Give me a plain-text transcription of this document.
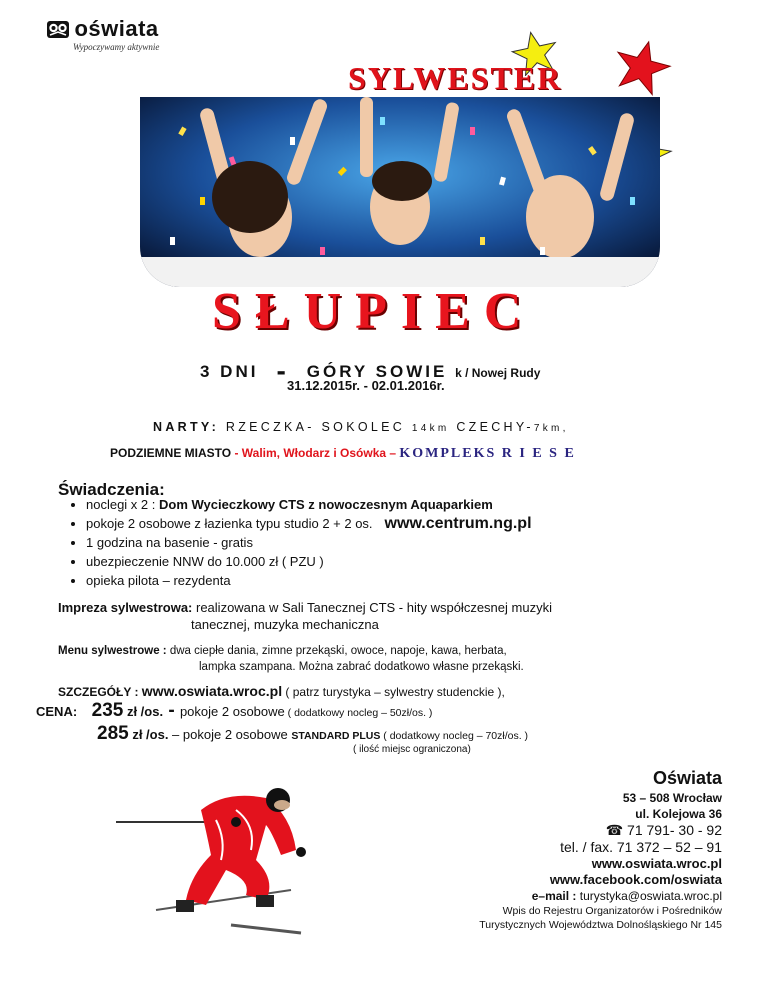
oświata
Wypoczywamy aktywnie
SYLWESTER
SŁUPIEC
3 DNI - GÓRY SOWIE k / Nowej Rudy
31.12.2015r. - 02.01.2016r.
NARTY: RZECZKA- SOKOLEC 14km CZECHY-7km,
PODZIEMNE MIASTO - Walim, Włodarz i Osówka – KOMPLEKS R I E S E
Świadczenia:
• noclegi x 2 : Dom Wycieczkowy CTS z nowoczesnym Aquaparkiem
• pokoje 2 osobowe z łazienka typu studio 2 + 2 os. www.centrum.ng.pl
• 1 godzina na basenie - gratis
• ubezpieczenie NNW do 10.000 zł ( PZU )
• opieka pilota – rezydenta
Impreza sylwestrowa: realizowana w Sali Tanecznej CTS - hity współczesnej muzyki
tanecznej, muzyka mechaniczna
Menu sylwestrowe : dwa ciepłe dania, zimne przekąski, owoce, napoje, kawa, herbata,
lampka szampana. Można zabrać dodatkowo własne przekąski.
SZCZEGÓŁY : www.oswiata.wroc.pl ( patrz turystyka – sylwestry studenckie ),
CENA: 235 zł /os. - pokoje 2 osobowe ( dodatkowy nocleg – 50zł/os. )
285 zł /os. – pokoje 2 osobowe STANDARD PLUS ( dodatkowy nocleg – 70zł/os. )
( ilość miejsc ograniczona)
Oświata
53 – 508 Wrocław
ul. Kolejowa 36
☎ 71 791- 30 - 92
tel. / fax. 71 372 – 52 – 91
www.oswiata.wroc.pl
www.facebook.com/oswiata
e–mail : turystyka@oswiata.wroc.pl
Wpis do Rejestru Organizatorów i Pośredników
Turystycznych Województwa Dolnośląskiego Nr 145
